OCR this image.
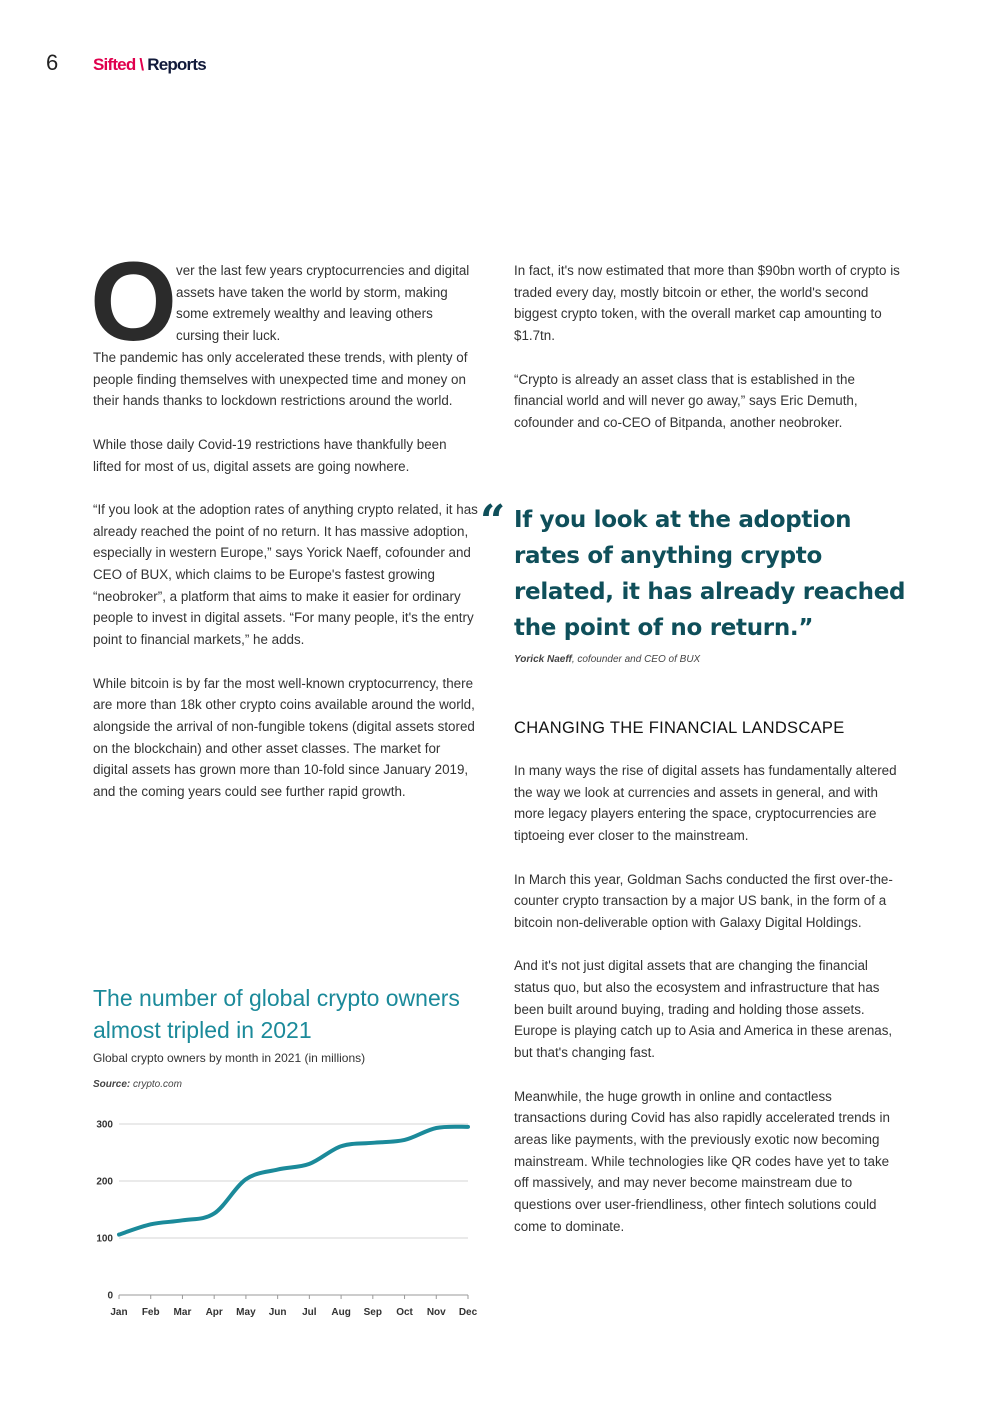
6 Sifted \ Reports
O

ver the last few years cryptocurrencies and digital assets have taken the world by storm, making some extremely wealthy and leaving others cursing their luck.

The pandemic has only accelerated these trends, with plenty of people finding themselves with unexpected time and money on their hands thanks to lockdown restrictions around the world.

While those daily Covid-19 restrictions have thankfully been lifted for most of us, digital assets are going nowhere.

“If you look at the adoption rates of anything crypto related, it has already reached the point of no return. It has massive adoption, especially in western Europe,” says Yorick Naeff, cofounder and CEO of BUX, which claims to be Europe's fastest growing “neobroker”, a platform that aims to make it easier for ordinary people to invest in digital assets. “For many people, it's the entry point to financial markets,” he adds.

While bitcoin is by far the most well-known cryptocurrency, there are more than 18k other crypto coins available around the world, alongside the arrival of non-fungible tokens (digital assets stored on the blockchain) and other asset classes. The market for digital assets has grown more than 10-fold since January 2019, and the coming years could see further rapid growth.

In fact, it's now estimated that more than $90bn worth of crypto is traded every day, mostly bitcoin or ether, the world's second biggest crypto token, with the overall market cap amounting to $1.7tn.

“Crypto is already an asset class that is established in the financial world and will never go away,” says Eric Demuth, cofounder and co-CEO of Bitpanda, another neobroker.

“ If you look at the adoption rates of anything crypto related, it has already reached the point of no return.”
Yorick Naeff, cofounder and CEO of BUX
CHANGING THE FINANCIAL LANDSCAPE

In many ways the rise of digital assets has fundamentally altered the way we look at currencies and assets in general, and with more legacy players entering the space, cryptocurrencies are tiptoeing ever closer to the mainstream.

In March this year, Goldman Sachs conducted the first over-the-counter crypto transaction by a major US bank, in the form of a bitcoin non-deliverable option with Galaxy Digital Holdings.

And it's not just digital assets that are changing the financial status quo, but also the ecosystem and infrastructure that has been built around buying, trading and holding those assets. Europe is playing catch up to Asia and America in these arenas, but that's changing fast.

Meanwhile, the huge growth in online and contactless transactions during Covid has also rapidly accelerated trends in areas like payments, with the previously exotic now becoming mainstream. While technologies like QR codes have yet to take off massively, and may never become mainstream due to questions over user-friendliness, other fintech solutions could come to dominate.

The number of global crypto owners almost tripled in 2021
Global crypto owners by month in 2021 (in millions)
Source: crypto.com
0
100
200
300
Jan Feb Mar Apr May Jun Jul Aug Sep Oct Nov Dec
